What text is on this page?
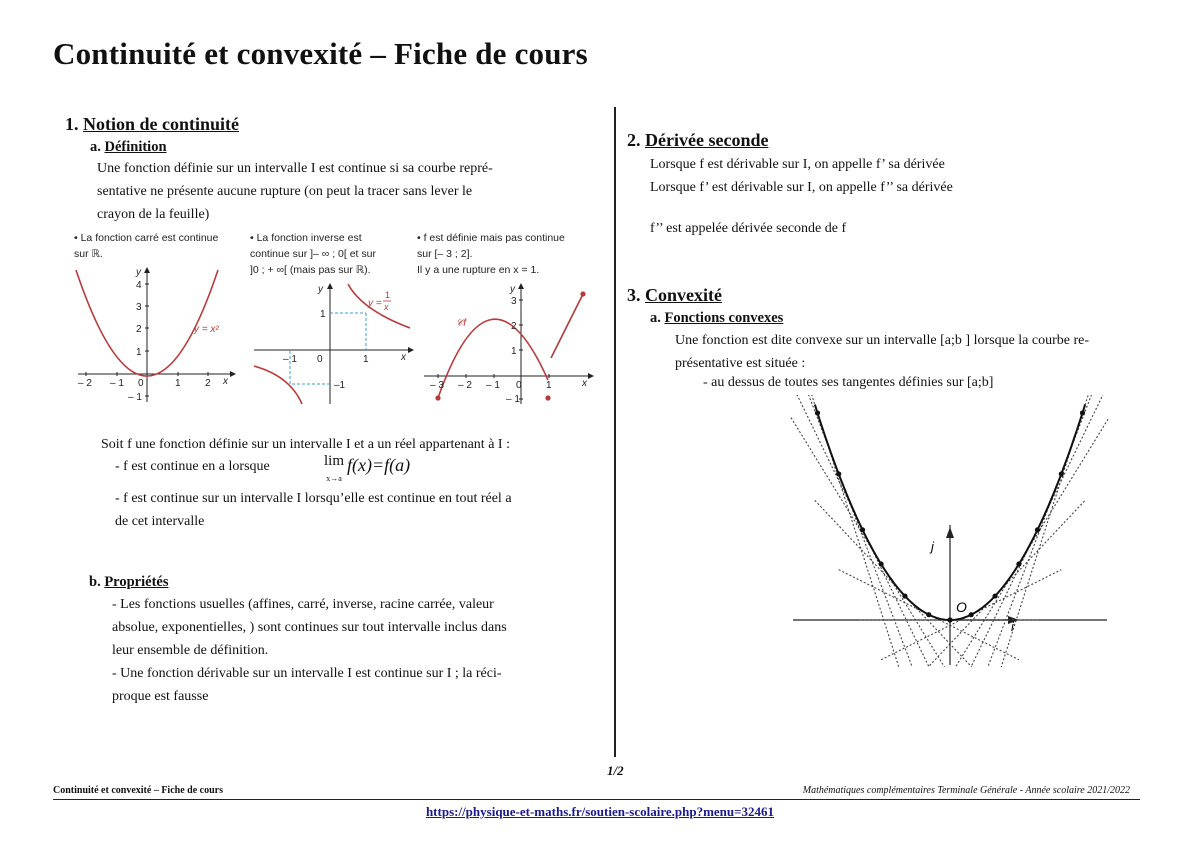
Continuité et convexité – Fiche de cours
1. Notion de continuité
a. Définition
Une fonction définie sur un intervalle I est continue si sa courbe repré-
sentative ne présente aucune rupture (on peut la tracer sans lever le
crayon de la feuille)
• La fonction carré est continue
sur ℝ.
• La fonction inverse est
continue sur ]– ∞ ; 0[ et sur
]0 ; + ∞[ (mais pas sur ℝ).
• f est définie mais pas continue
sur [– 3 ; 2].
Il y a une rupture en x = 1.
– 2 – 1 0	1 2 x
y
4
3
2
1
– 1
y = x²
– 1 0	1	x
y
1
–1
y =
1
x
– 3 – 2 – 1 0 1	x
y
3
2
1
– 1
𝒞f
Soit f une fonction définie sur un intervalle I et a un réel appartenant à I :
- f est continue en a lorsque	lim
x→a
f(x)=f(a)
- f est continue sur un intervalle I lorsqu’elle est continue en tout réel a
de cet intervalle
b. Propriétés
- Les fonctions usuelles (affines, carré, inverse, racine carrée, valeur
absolue, exponentielles, ) sont continues sur tout intervalle inclus dans
leur ensemble de définition.
- Une fonction dérivable sur un intervalle I est continue sur I ; la réci-
proque est fausse
2. Dérivée seconde
Lorsque f est dérivable sur I, on appelle f’ sa dérivée
Lorsque f’ est dérivable sur I, on appelle f’’ sa dérivée
f’’ est appelée dérivée seconde de f
3. Convexité
a. Fonctions convexes
Une fonction est dite convexe sur un intervalle [a;b ] lorsque la courbe re-
présentative est située :
- au dessus de toutes ses tangentes définies sur [a;b]
O
j
i
1/2
Continuité et convexité – Fiche de cours	Mathématiques complémentaires Terminale Générale - Année scolaire 2021/2022
https://physique-et-maths.fr/soutien-scolaire.php?menu=32461
